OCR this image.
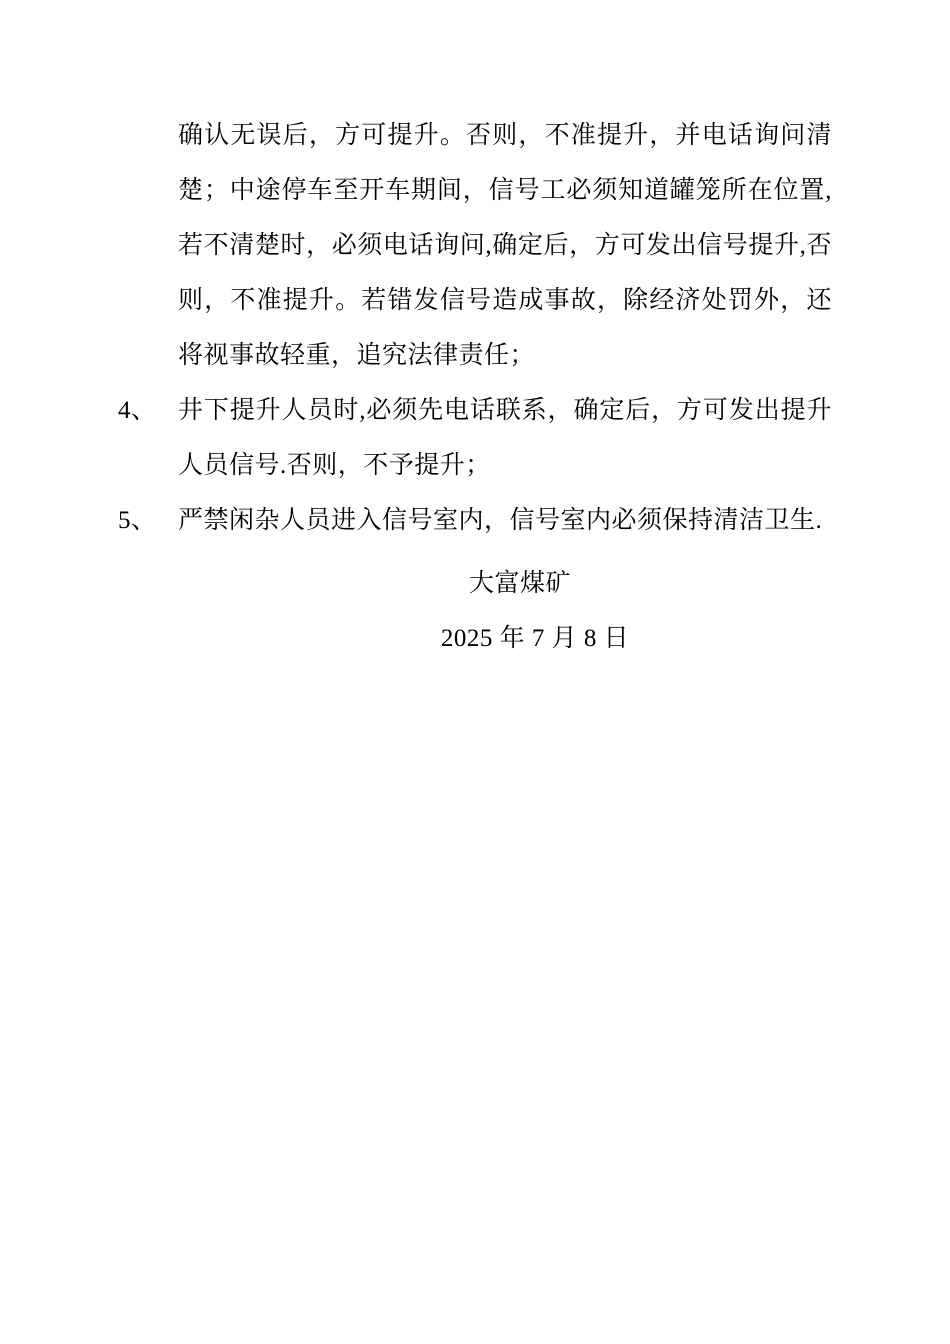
确认无误后，方可提升。否则，不准提升，并电话询问清楚；中途停车至开车期间，信号工必须知道罐笼所在位置,若不清楚时，必须电话询问,确定后，方可发出信号提升,否则，不准提升。若错发信号造成事故，除经济处罚外，还将视事故轻重，追究法律责任；

4、 井下提升人员时,必须先电话联系，确定后，方可发出提升人员信号.否则，不予提升；
5、 严禁闲杂人员进入信号室内，信号室内必须保持清洁卫生.

大富煤矿

2025 年 7 月 8 日
